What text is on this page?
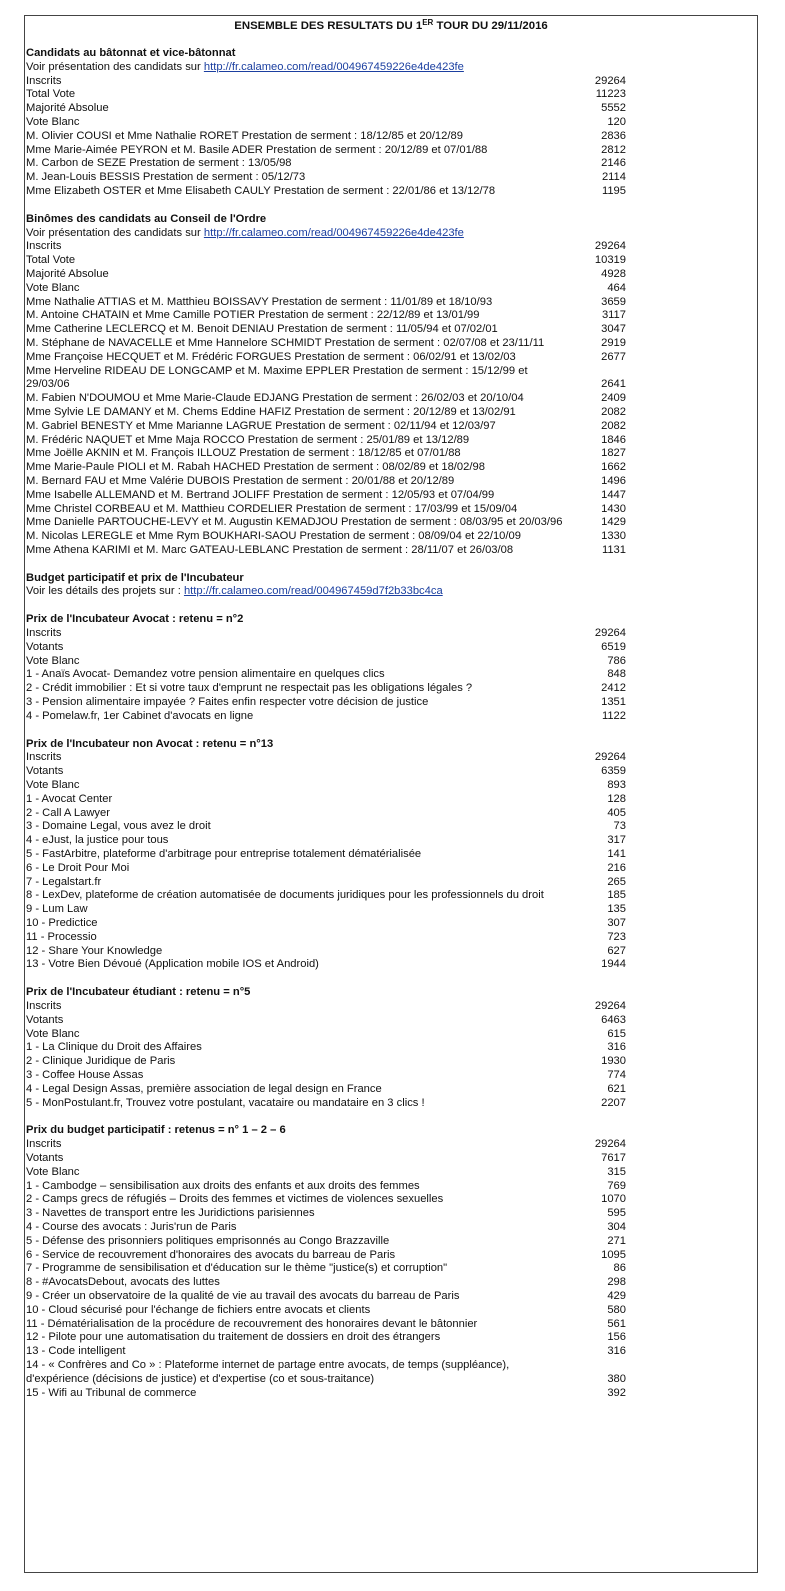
ENSEMBLE DES RESULTATS DU 1ER TOUR DU 29/11/2016
Candidats au bâtonnat et vice-bâtonnat
Voir présentation des candidats sur http://fr.calameo.com/read/004967459226e4de423fe
Inscrits	29264
Total Vote	11223
Majorité Absolue	5552
Vote Blanc	120
M. Olivier COUSI et Mme Nathalie RORET Prestation de serment : 18/12/85 et 20/12/89	2836
Mme Marie-Aimée PEYRON et M. Basile ADER Prestation de serment : 20/12/89 et 07/01/88	2812
M. Carbon de SEZE Prestation de serment : 13/05/98	2146
M. Jean-Louis BESSIS Prestation de serment : 05/12/73	2114
Mme Elizabeth OSTER et Mme Elisabeth CAULY Prestation de serment : 22/01/86 et 13/12/78	1195
Binômes des candidats au Conseil de l'Ordre
Voir présentation des candidats sur http://fr.calameo.com/read/004967459226e4de423fe
Inscrits	29264
Total Vote	10319
Majorité Absolue	4928
Vote Blanc	464
Mme Nathalie ATTIAS et M. Matthieu BOISSAVY Prestation de serment : 11/01/89 et 18/10/93	3659
M. Antoine CHATAIN et Mme Camille POTIER Prestation de serment : 22/12/89 et 13/01/99	3117
Mme Catherine LECLERCQ et M. Benoit DENIAU Prestation de serment : 11/05/94 et 07/02/01	3047
M. Stéphane de NAVACELLE et Mme Hannelore SCHMIDT Prestation de serment : 02/07/08 et 23/11/11	2919
Mme Françoise HECQUET et M. Frédéric FORGUES Prestation de serment : 06/02/91 et 13/02/03	2677
Mme Herveline RIDEAU DE LONGCAMP et M. Maxime EPPLER Prestation de serment : 15/12/99 et 29/03/06	2641
M. Fabien N'DOUMOU et Mme Marie-Claude EDJANG Prestation de serment : 26/02/03 et 20/10/04	2409
Mme Sylvie LE DAMANY et M. Chems Eddine HAFIZ Prestation de serment : 20/12/89 et 13/02/91	2082
M. Gabriel BENESTY et Mme Marianne LAGRUE Prestation de serment : 02/11/94 et 12/03/97	2082
M. Frédéric NAQUET et Mme Maja ROCCO Prestation de serment : 25/01/89 et 13/12/89	1846
Mme Joëlle AKNIN et M. François ILLOUZ Prestation de serment : 18/12/85 et 07/01/88	1827
Mme Marie-Paule PIOLI et M. Rabah HACHED Prestation de serment : 08/02/89 et 18/02/98	1662
M. Bernard FAU et Mme Valérie DUBOIS Prestation de serment : 20/01/88 et 20/12/89	1496
Mme Isabelle ALLEMAND et M. Bertrand JOLIFF Prestation de serment : 12/05/93 et 07/04/99	1447
Mme Christel CORBEAU et M. Matthieu CORDELIER Prestation de serment : 17/03/99 et 15/09/04	1430
Mme Danielle PARTOUCHE-LEVY et M. Augustin KEMADJOU Prestation de serment : 08/03/95 et 20/03/96	1429
M. Nicolas LEREGLE et Mme Rym BOUKHARI-SAOU Prestation de serment : 08/09/04 et 22/10/09	1330
Mme Athena KARIMI et M. Marc GATEAU-LEBLANC Prestation de serment : 28/11/07 et 26/03/08	1131
Budget participatif et prix de l'Incubateur
Voir les détails des projets sur : http://fr.calameo.com/read/004967459d7f2b33bc4ca
Prix de l'Incubateur Avocat : retenu = n°2
Inscrits	29264
Votants	6519
Vote Blanc	786
1 - Anaïs Avocat- Demandez votre pension alimentaire en quelques clics	848
2 - Crédit immobilier : Et si votre taux d'emprunt ne respectait pas les obligations légales ?	2412
3 - Pension alimentaire impayée ? Faites enfin respecter votre décision de justice	1351
4 - Pomelaw.fr, 1er Cabinet d'avocats en ligne	1122
Prix de l'Incubateur non Avocat : retenu = n°13
Inscrits	29264
Votants	6359
Vote Blanc	893
1 - Avocat Center	128
2 - Call A Lawyer	405
3 - Domaine Legal, vous avez le droit	73
4 - eJust, la justice pour tous	317
5 - FastArbitre, plateforme d'arbitrage pour entreprise totalement dématérialisée	141
6 - Le Droit Pour Moi	216
7 - Legalstart.fr	265
8 - LexDev, plateforme de création automatisée de documents juridiques pour les professionnels du droit	185
9 - Lum Law	135
10 - Predictice	307
11 - Processio	723
12 - Share Your Knowledge	627
13 - Votre Bien Dévoué (Application mobile IOS et Android)	1944
Prix de l'Incubateur étudiant : retenu = n°5
Inscrits	29264
Votants	6463
Vote Blanc	615
1 - La Clinique du Droit des Affaires	316
2 - Clinique Juridique de Paris	1930
3 - Coffee House Assas	774
4 - Legal Design Assas, première association de legal design en France	621
5 - MonPostulant.fr, Trouvez votre postulant, vacataire ou mandataire en 3 clics !	2207
Prix du budget participatif : retenus = n° 1 – 2 – 6
Inscrits	29264
Votants	7617
Vote Blanc	315
1 - Cambodge – sensibilisation aux droits des enfants et aux droits des femmes	769
2 - Camps grecs de réfugiés – Droits des femmes et victimes de violences sexuelles	1070
3 - Navettes de transport entre les Juridictions parisiennes	595
4 - Course des avocats : Juris'run de Paris	304
5 - Défense des prisonniers politiques emprisonnés au Congo Brazzaville	271
6 - Service de recouvrement d'honoraires des avocats du barreau de Paris	1095
7 - Programme de sensibilisation et d'éducation sur le thème "justice(s) et corruption"	86
8 - #AvocatsDebout, avocats des luttes	298
9 - Créer un observatoire de la qualité de vie au travail des avocats du barreau de Paris	429
10 - Cloud sécurisé pour l'échange de fichiers entre avocats et clients	580
11 - Dématérialisation de la procédure de recouvrement des honoraires devant le bâtonnier	561
12 - Pilote pour une automatisation du traitement de dossiers en droit des étrangers	156
13 - Code intelligent	316
14 - « Confrères and Co » : Plateforme internet de partage entre avocats, de temps (suppléance), d'expérience (décisions de justice) et d'expertise (co et sous-traitance)	380
15 - Wifi au Tribunal de commerce	392
